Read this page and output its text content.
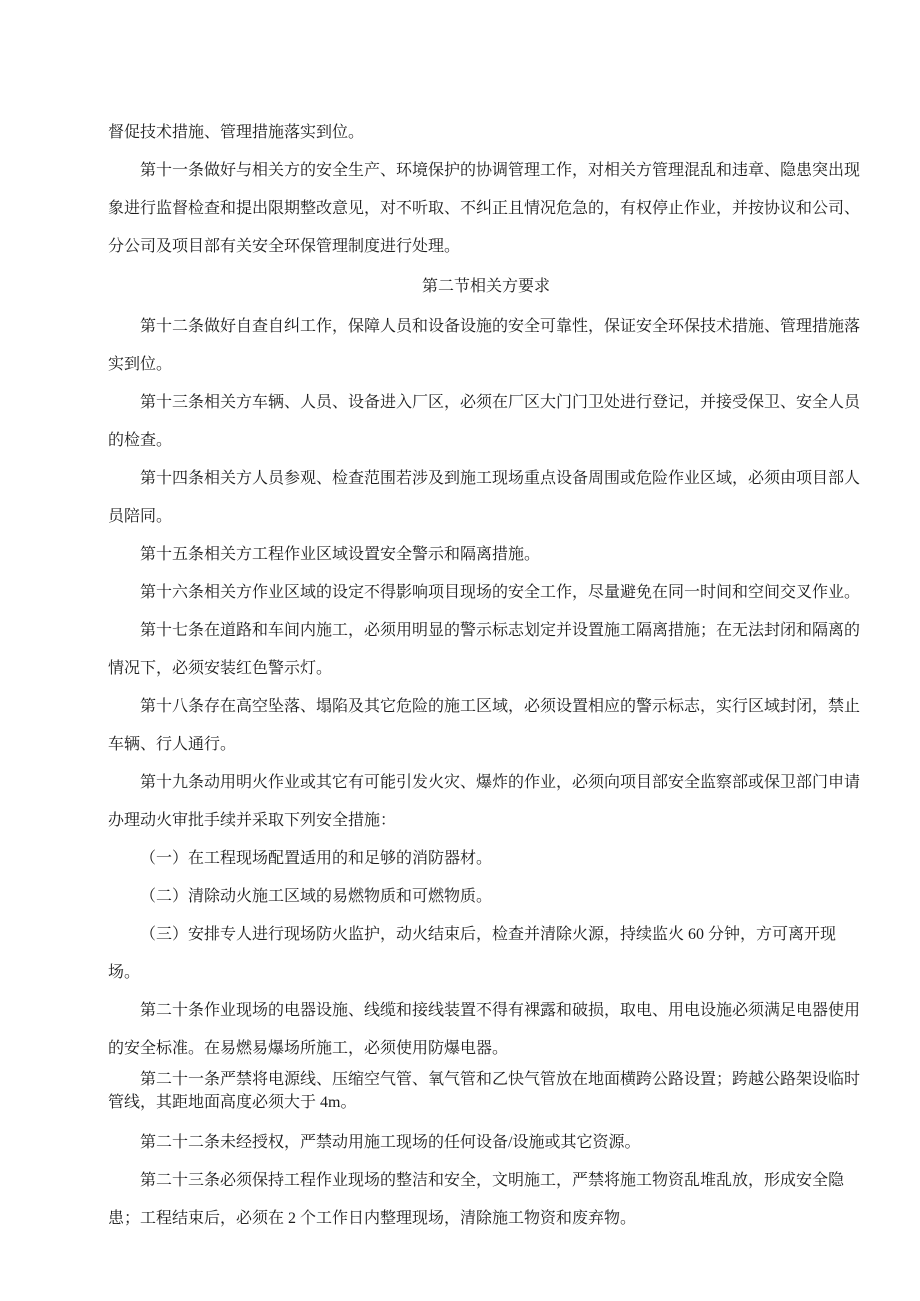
督促技术措施、管理措施落实到位。

第十一条做好与相关方的安全生产、环境保护的协调管理工作，对相关方管理混乱和违章、隐患突出现象进行监督检查和提出限期整改意见，对不听取、不纠正且情况危急的，有权停止作业，并按协议和公司、分公司及项目部有关安全环保管理制度进行处理。

第二节相关方要求

第十二条做好自查自纠工作，保障人员和设备设施的安全可靠性，保证安全环保技术措施、管理措施落实到位。

第十三条相关方车辆、人员、设备进入厂区，必须在厂区大门门卫处进行登记，并接受保卫、安全人员的检查。

第十四条相关方人员参观、检查范围若涉及到施工现场重点设备周围或危险作业区域，必须由项目部人员陪同。

第十五条相关方工程作业区域设置安全警示和隔离措施。

第十六条相关方作业区域的设定不得影响项目现场的安全工作，尽量避免在同一时间和空间交叉作业。

第十七条在道路和车间内施工，必须用明显的警示标志划定并设置施工隔离措施；在无法封闭和隔离的情况下，必须安装红色警示灯。

第十八条存在高空坠落、塌陷及其它危险的施工区域，必须设置相应的警示标志，实行区域封闭，禁止车辆、行人通行。

第十九条动用明火作业或其它有可能引发火灾、爆炸的作业，必须向项目部安全监察部或保卫部门申请办理动火审批手续并采取下列安全措施：

（一）在工程现场配置适用的和足够的消防器材。

（二）清除动火施工区域的易燃物质和可燃物质。

（三）安排专人进行现场防火监护，动火结束后，检查并清除火源，持续监火 60 分钟，方可离开现场。

第二十条作业现场的电器设施、线缆和接线装置不得有裸露和破损，取电、用电设施必须满足电器使用的安全标准。在易燃易爆场所施工，必须使用防爆电器。

第二十一条严禁将电源线、压缩空气管、氧气管和乙快气管放在地面横跨公路设置；跨越公路架设临时管线，其距地面高度必须大于 4m。

第二十二条未经授权，严禁动用施工现场的任何设备/设施或其它资源。

第二十三条必须保持工程作业现场的整洁和安全，文明施工，严禁将施工物资乱堆乱放，形成安全隐患；工程结束后，必须在 2 个工作日内整理现场，清除施工物资和废弃物。
